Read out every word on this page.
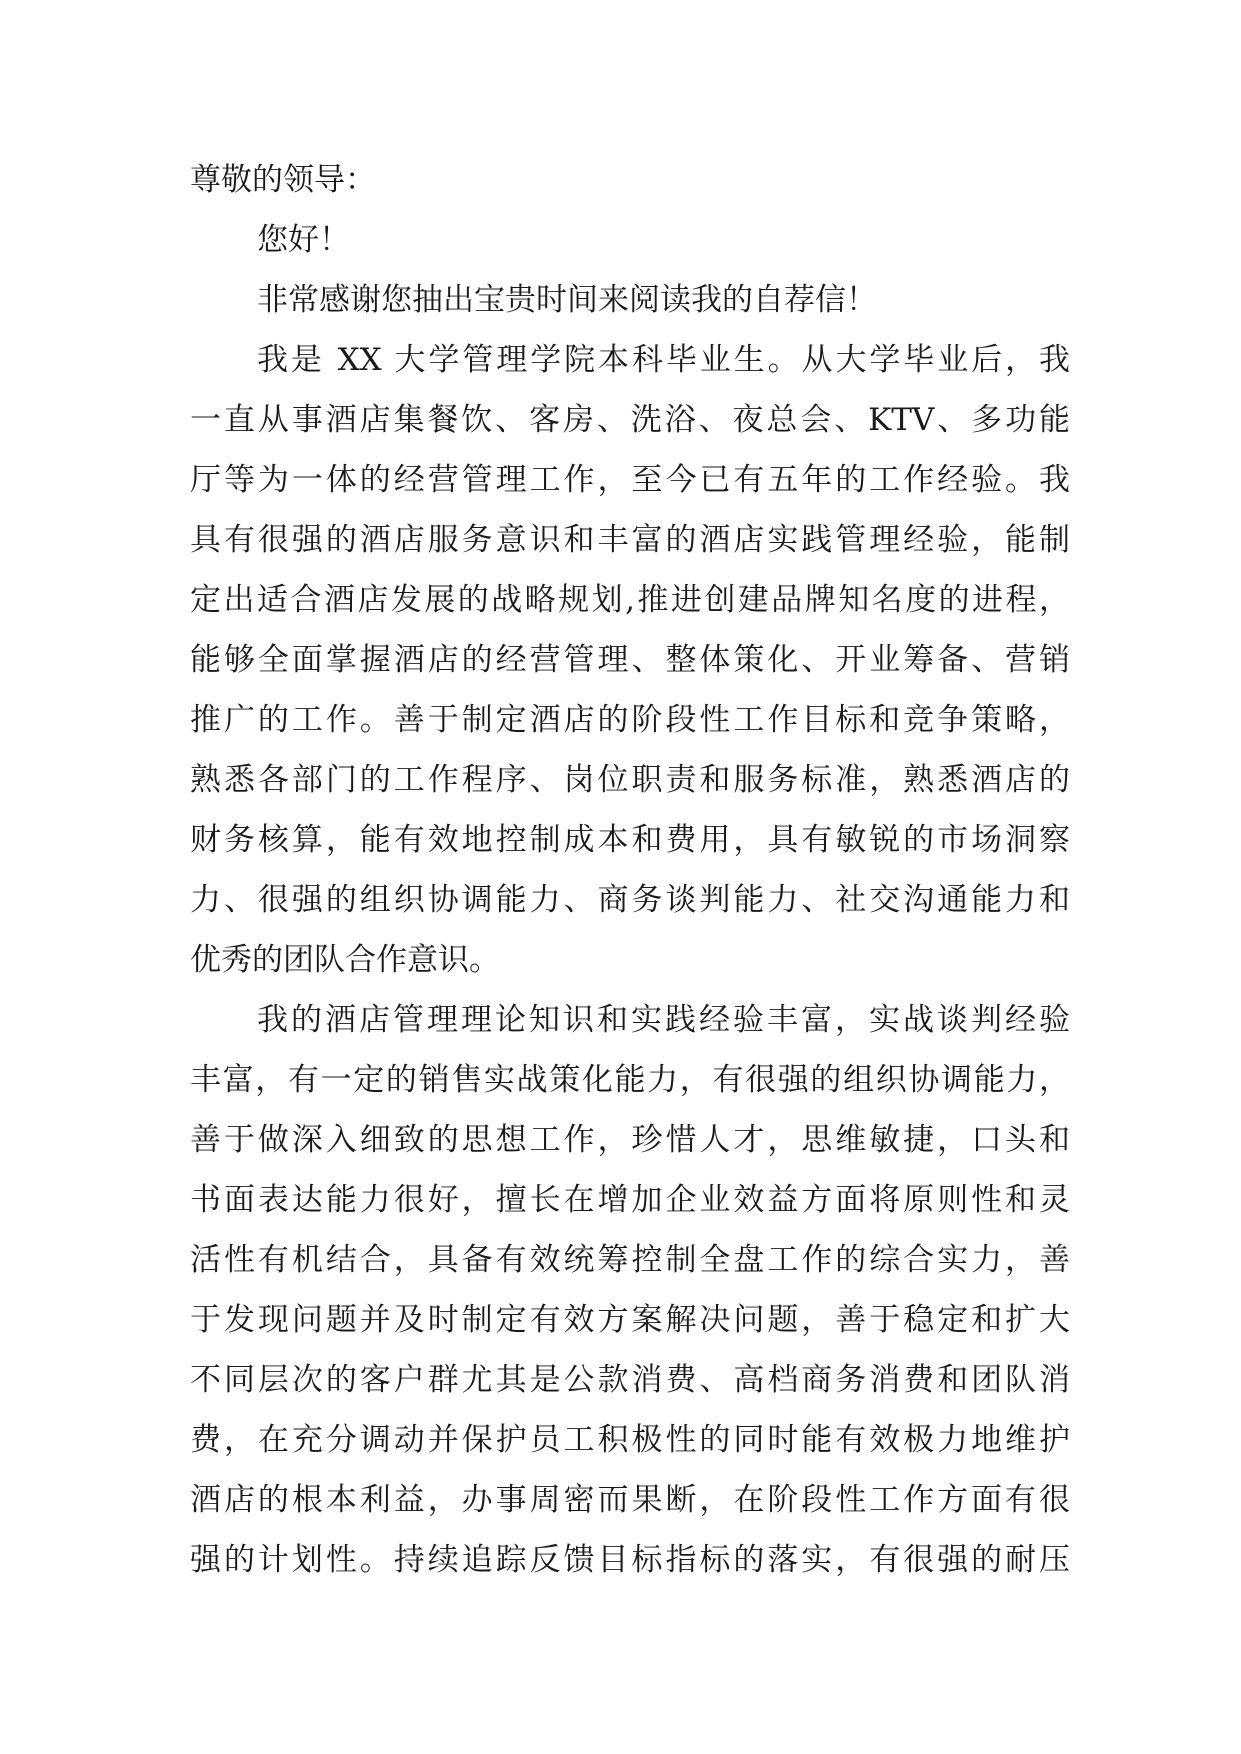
尊敬的领导：
您好！
非常感谢您抽出宝贵时间来阅读我的自荐信！
我是 XX 大学管理学院本科毕业生。从大学毕业后，我
一直从事酒店集餐饮、客房、洗浴、夜总会、KTV、多功能
厅等为一体的经营管理工作，至今已有五年的工作经验。我
具有很强的酒店服务意识和丰富的酒店实践管理经验，能制
定出适合酒店发展的战略规划,推进创建品牌知名度的进程，
能够全面掌握酒店的经营管理、整体策化、开业筹备、营销
推广的工作。善于制定酒店的阶段性工作目标和竞争策略，
熟悉各部门的工作程序、岗位职责和服务标准，熟悉酒店的
财务核算，能有效地控制成本和费用，具有敏锐的市场洞察
力、很强的组织协调能力、商务谈判能力、社交沟通能力和
优秀的团队合作意识。
我的酒店管理理论知识和实践经验丰富，实战谈判经验
丰富，有一定的销售实战策化能力，有很强的组织协调能力，
善于做深入细致的思想工作，珍惜人才，思维敏捷，口头和
书面表达能力很好，擅长在增加企业效益方面将原则性和灵
活性有机结合，具备有效统筹控制全盘工作的综合实力，善
于发现问题并及时制定有效方案解决问题，善于稳定和扩大
不同层次的客户群尤其是公款消费、高档商务消费和团队消
费，在充分调动并保护员工积极性的同时能有效极力地维护
酒店的根本利益，办事周密而果断，在阶段性工作方面有很
强的计划性。持续追踪反馈目标指标的落实，有很强的耐压
